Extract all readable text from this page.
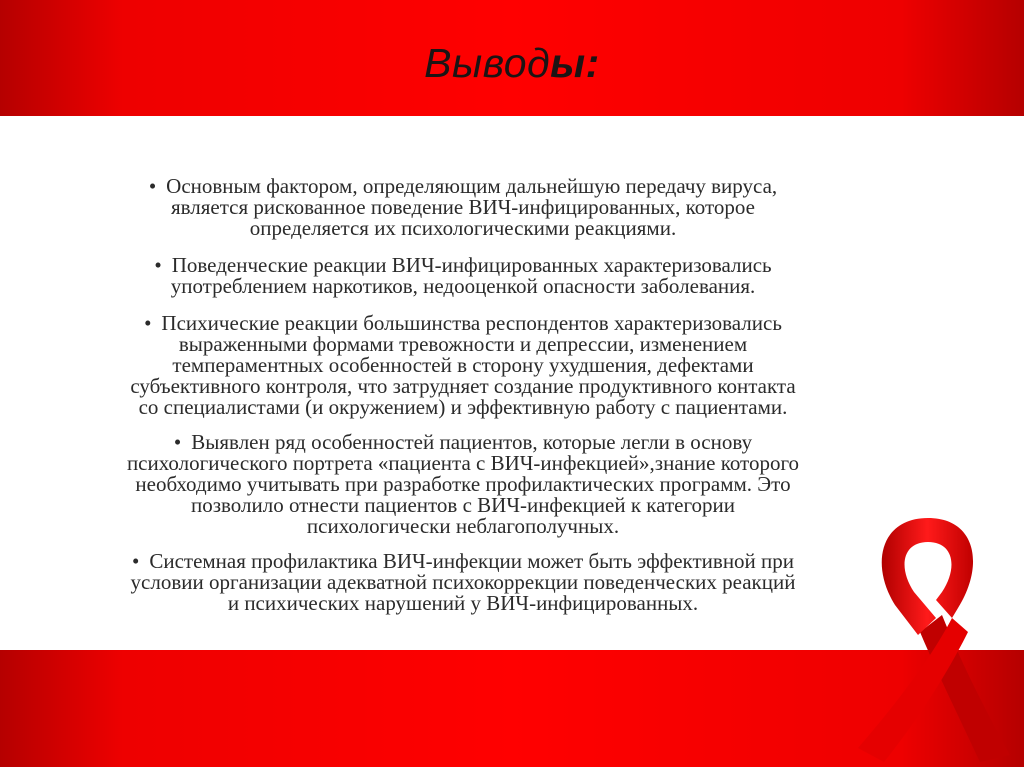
Выводы:
• Основным фактором, определяющим дальнейшую передачу вируса,
является рискованное поведение ВИЧ-инфицированных, которое
определяется их психологическими реакциями.
• Поведенческие реакции ВИЧ-инфицированных характеризовались
употреблением наркотиков, недооценкой опасности заболевания.
• Психические реакции большинства респондентов характеризовались
выраженными формами тревожности и депрессии, изменением
темпераментных особенностей в сторону ухудшения, дефектами
субъективного контроля, что затрудняет создание продуктивного контакта
со специалистами (и окружением) и эффективную работу с пациентами.
• Выявлен ряд особенностей пациентов, которые легли в основу
психологического портрета «пациента с ВИЧ-инфекцией»,знание которого
необходимо учитывать при разработке профилактических программ. Это
позволило отнести пациентов с ВИЧ-инфекцией к категории
психологически неблагополучных.
• Системная профилактика ВИЧ-инфекции может быть эффективной при
условии организации адекватной психокоррекции поведенческих реакций
и психических нарушений у ВИЧ-инфицированных.
